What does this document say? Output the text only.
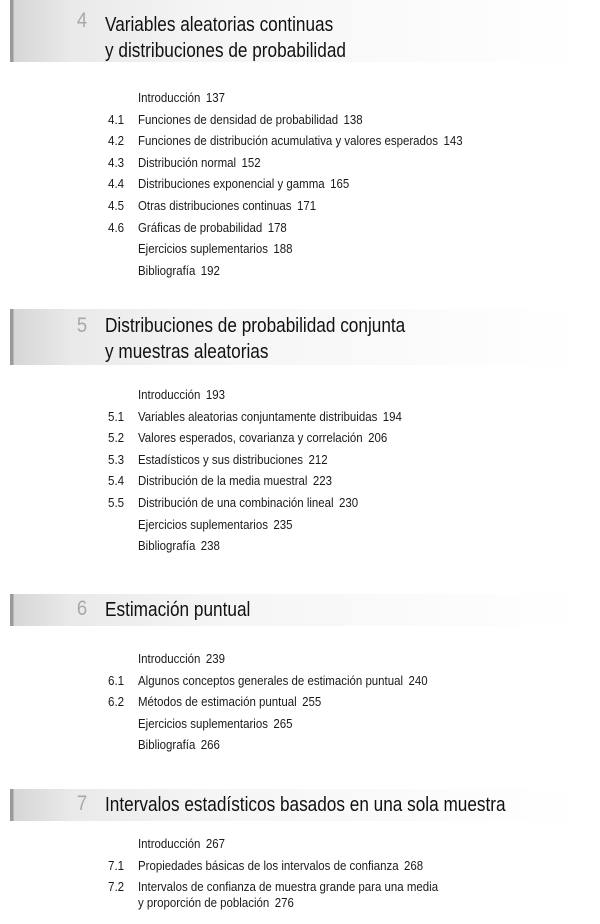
4 Variables aleatorias continuas
y distribuciones de probabilidad
Introducción 137
4.1	Funciones de densidad de probabilidad 138
4.2	Funciones de distribución acumulativa y valores esperados 143
4.3	Distribución normal 152
4.4	Distribuciones exponencial y gamma 165
4.5	Otras distribuciones continuas 171
4.6	Gráficas de probabilidad 178
Ejercicios suplementarios 188
Bibliografía 192
5 Distribuciones de probabilidad conjunta
y muestras aleatorias
Introducción 193
5.1	Variables aleatorias conjuntamente distribuidas 194
5.2	Valores esperados, covarianza y correlación 206
5.3	Estadísticos y sus distribuciones 212
5.4	Distribución de la media muestral 223
5.5	Distribución de una combinación lineal 230
Ejercicios suplementarios 235
Bibliografía 238
6 Estimación puntual
Introducción 239
6.1	Algunos conceptos generales de estimación puntual 240
6.2	Métodos de estimación puntual 255
Ejercicios suplementarios 265
Bibliografía 266
7 Intervalos estadísticos basados en una sola muestra
Introducción 267
7.1	Propiedades básicas de los intervalos de confianza 268
7.2	Intervalos de confianza de muestra grande para una media
y proporción de población 276
